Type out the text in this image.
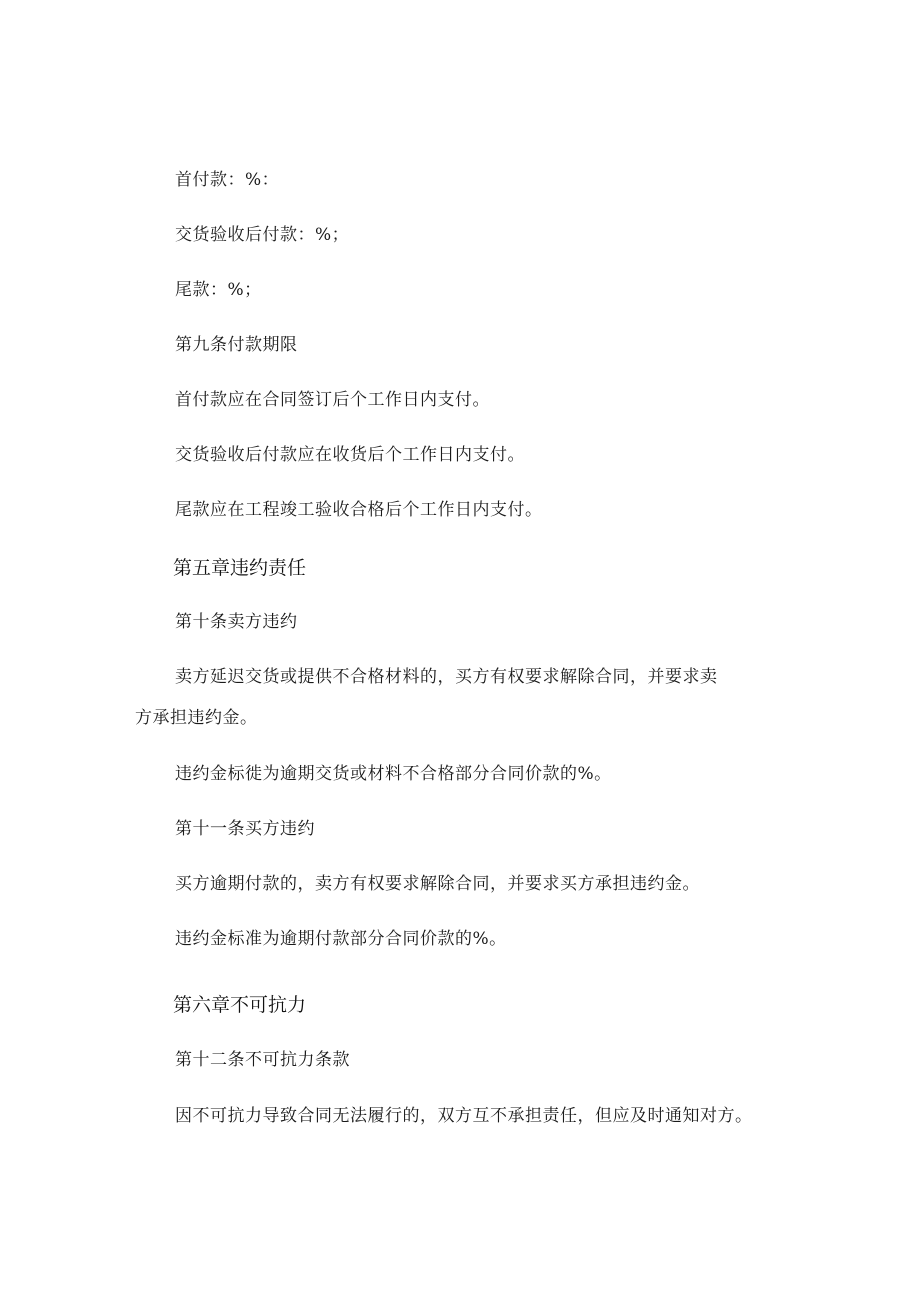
首付款：%：
交货验收后付款：%；
尾款：%；
第九条付款期限
首付款应在合同签订后个工作日内支付。
交货验收后付款应在收货后个工作日内支付。
尾款应在工程竣工验收合格后个工作日内支付。
第五章违约责任
第十条卖方违约
卖方延迟交货或提供不合格材料的，买方有权要求解除合同，并要求卖
方承担违约金。
违约金标徙为逾期交货或材料不合格部分合同价款的%。
第十一条买方违约
买方逾期付款的，卖方有权要求解除合同，并要求买方承担违约金。
违约金标准为逾期付款部分合同价款的%。
第六章不可抗力
第十二条不可抗力条款
因不可抗力导致合同无法履行的，双方互不承担责任，但应及时通知对方。
